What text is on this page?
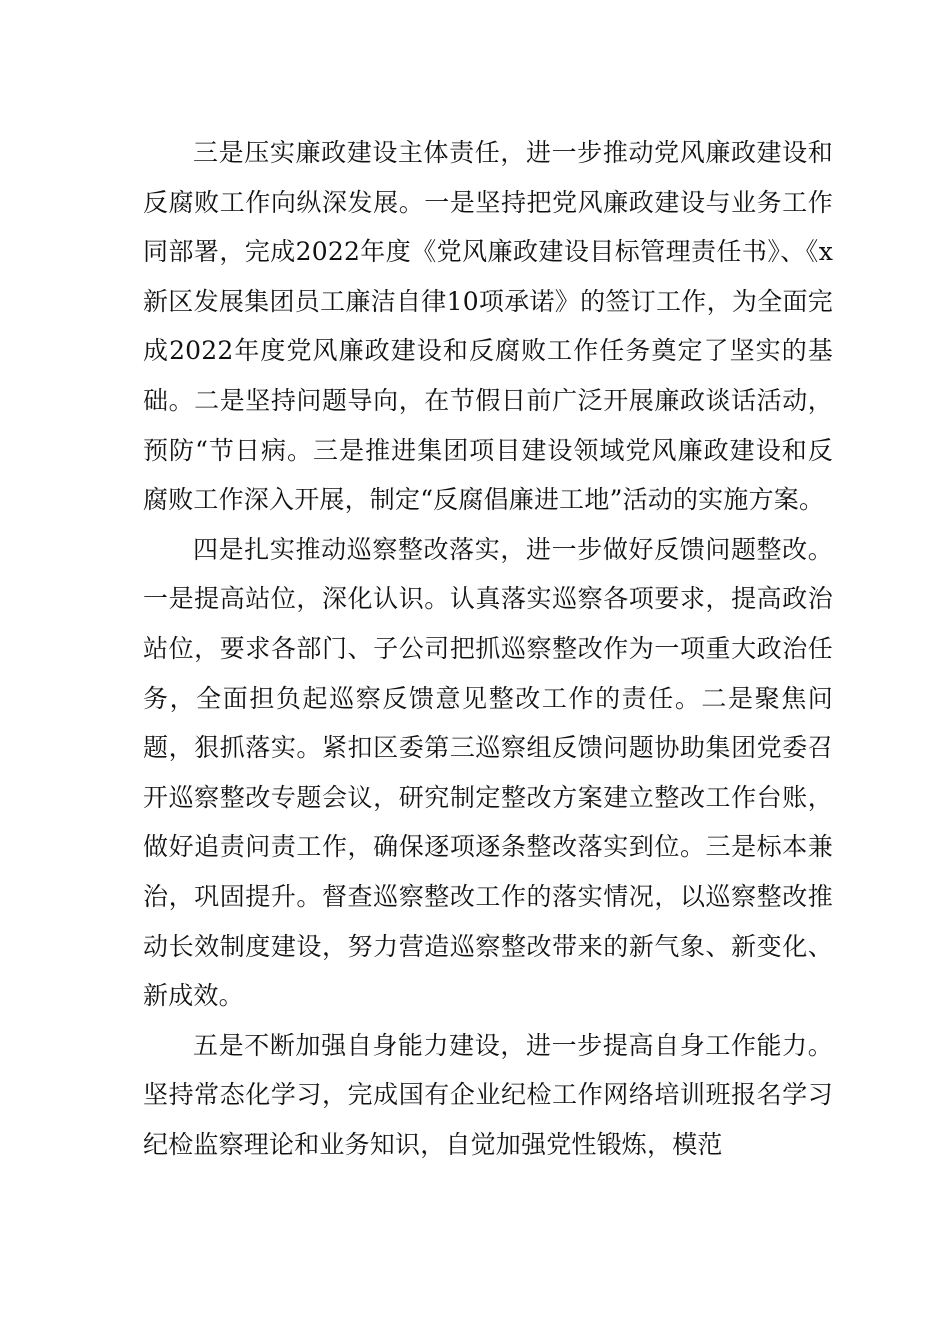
三是压实廉政建设主体责任，进一步推动党风廉政建设和反腐败工作向纵深发展。一是坚持把党风廉政建设与业务工作同部署，完成2022年度《党风廉政建设目标管理责任书》、《x新区发展集团员工廉洁自律10项承诺》的签订工作，为全面完成2022年度党风廉政建设和反腐败工作任务奠定了坚实的基础。二是坚持问题导向，在节假日前广泛开展廉政谈话活动，预防“节日病。三是推进集团项目建设领域党风廉政建设和反腐败工作深入开展，制定“反腐倡廉进工地”活动的实施方案。

四是扎实推动巡察整改落实，进一步做好反馈问题整改。一是提高站位，深化认识。认真落实巡察各项要求，提高政治站位，要求各部门、子公司把抓巡察整改作为一项重大政治任务，全面担负起巡察反馈意见整改工作的责任。二是聚焦问题，狠抓落实。紧扣区委第三巡察组反馈问题协助集团党委召开巡察整改专题会议，研究制定整改方案建立整改工作台账，做好追责问责工作，确保逐项逐条整改落实到位。三是标本兼治，巩固提升。督查巡察整改工作的落实情况，以巡察整改推动长效制度建设，努力营造巡察整改带来的新气象、新变化、新成效。

五是不断加强自身能力建设，进一步提高自身工作能力。坚持常态化学习，完成国有企业纪检工作网络培训班报名学习纪检监察理论和业务知识，自觉加强党性锻炼，模范
